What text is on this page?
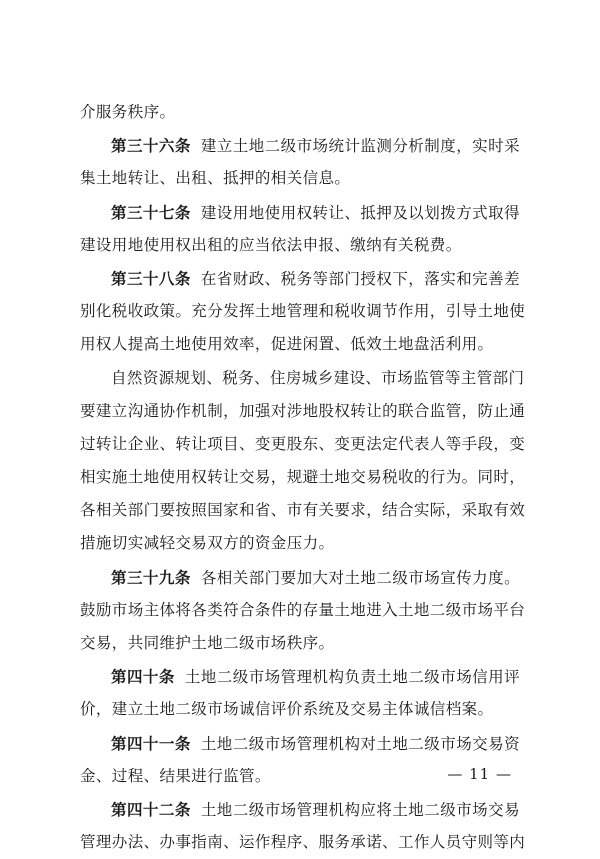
介服务秩序。
第三十六条 建立土地二级市场统计监测分析制度，实时采
集土地转让、出租、抵押的相关信息。
第三十七条 建设用地使用权转让、抵押及以划拨方式取得
建设用地使用权出租的应当依法申报、缴纳有关税费。
第三十八条 在省财政、税务等部门授权下，落实和完善差
别化税收政策。充分发挥土地管理和税收调节作用，引导土地使
用权人提高土地使用效率，促进闲置、低效土地盘活利用。
自然资源规划、税务、住房城乡建设、市场监管等主管部门
要建立沟通协作机制，加强对涉地股权转让的联合监管，防止通
过转让企业、转让项目、变更股东、变更法定代表人等手段，变
相实施土地使用权转让交易，规避土地交易税收的行为。同时，
各相关部门要按照国家和省、市有关要求，结合实际，采取有效
措施切实减轻交易双方的资金压力。
第三十九条 各相关部门要加大对土地二级市场宣传力度。
鼓励市场主体将各类符合条件的存量土地进入土地二级市场平台
交易，共同维护土地二级市场秩序。
第四十条 土地二级市场管理机构负责土地二级市场信用评
价，建立土地二级市场诚信评价系统及交易主体诚信档案。
第四十一条 土地二级市场管理机构对土地二级市场交易资
金、过程、结果进行监管。
第四十二条 土地二级市场管理机构应将土地二级市场交易
管理办法、办事指南、运作程序、服务承诺、工作人员守则等内
— 11 —
